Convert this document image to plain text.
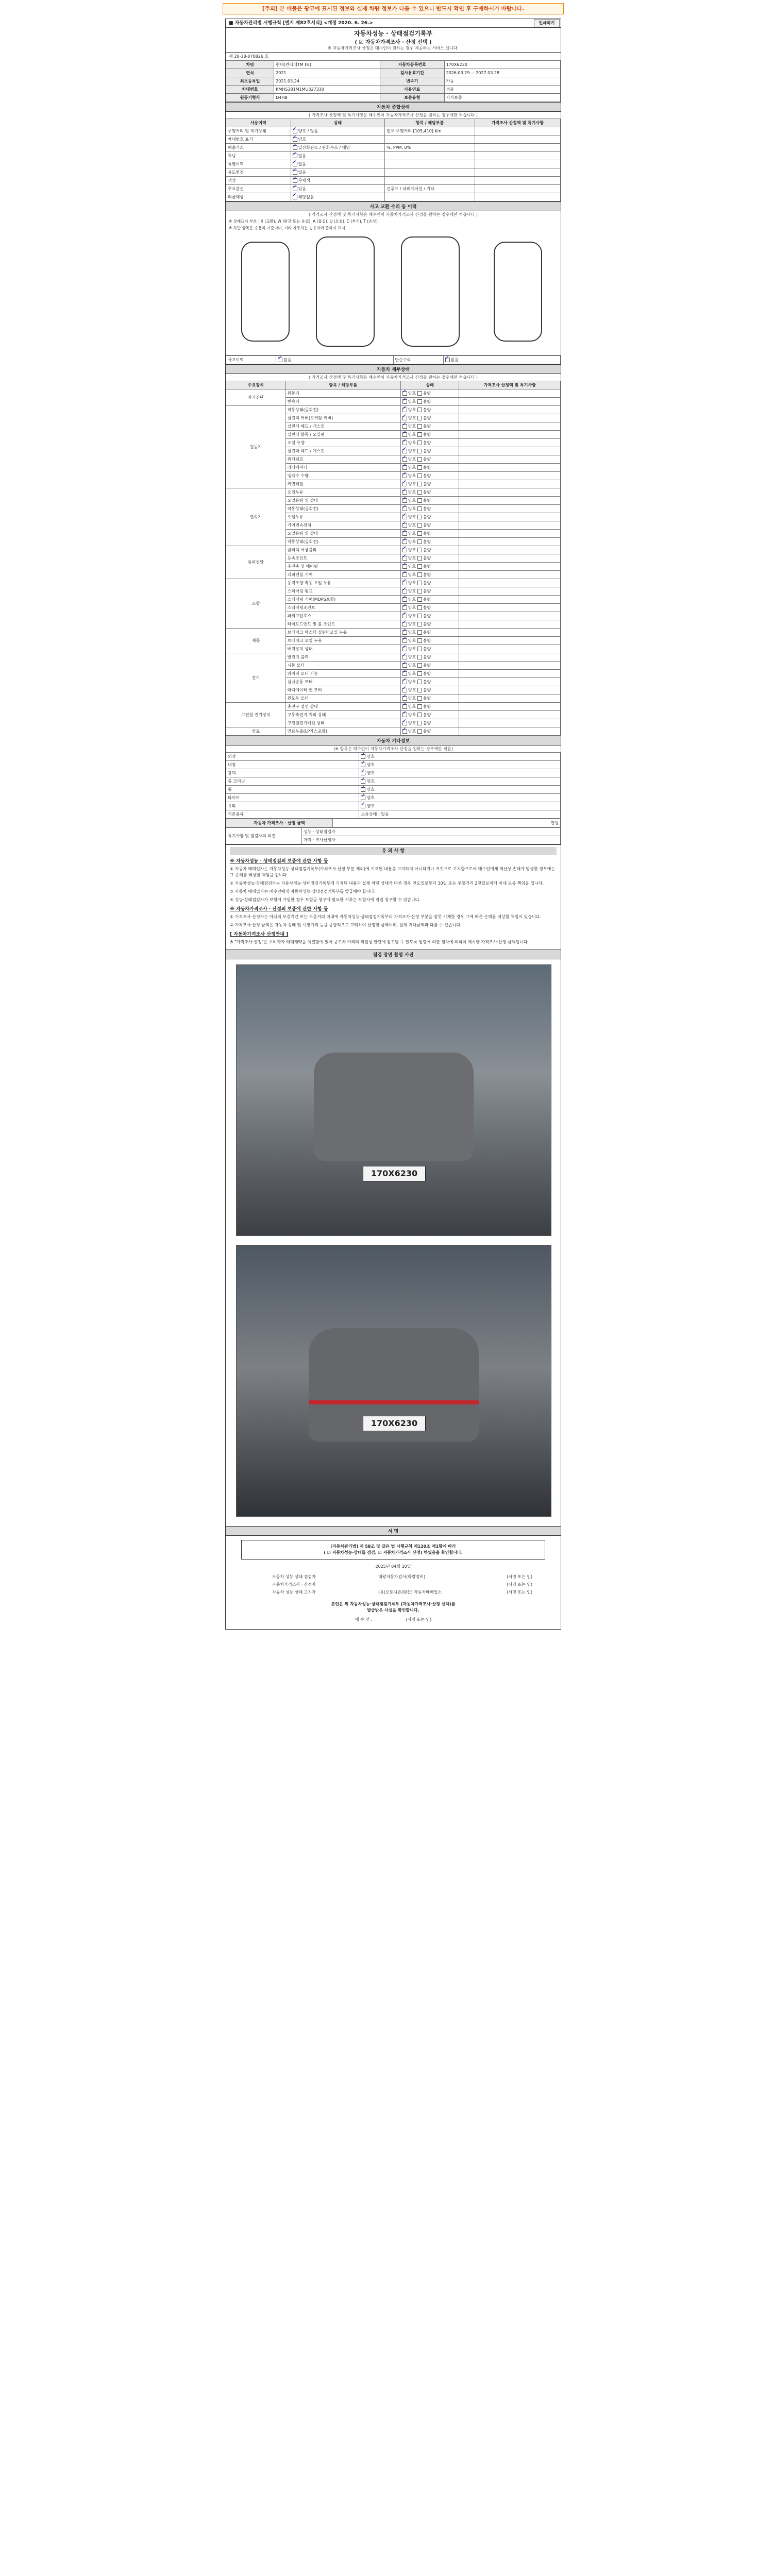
[주의] 본 매물은 광고에 표시된 정보와 실제 차량 정보가 다를 수 있으니 반드시 확인 후 구매하시기 바랍니다.
■ 자동차관리법 시행규칙 [별지 제82호서식] <개정 2020. 6. 26.>	인쇄하기
자동차성능 · 상태점검기록부
( ☑ 자동차가격조사 · 산정 선택 )
※ 자동차가격조사·산정은 매수인이 원하는 경우 제공하는 서비스 입니다.
제 20-18-070826 호
차명	현대(싼타페TM FE)	자동차등록번호	170X6230
연식	2021	검사유효기간	2026.03.29 ~ 2027.03.28
최초등록일	2021.03.24	변속기	자동
차대번호	KMHS381M1MU327330	사용연료	경유
원동기형식	D4HB	보증유형	자가보증
자동차 종합상태
( 가격조사 산정액 및 특기사항은 매수인이 자동차가격조사 산정을 원하는 경우에만 적습니다 )
사용이력	상태	항목 / 해당부품	가격조사 산정액 및 특기사항
주행거리 및 계기상태	✔양호 / 많음	현재 주행거리 [105,410] Km	
차대번호 표기	✔양호		
배출가스	✔일산화탄소 / 탄화수소 / 매연	%, PPM, 0%	
튜닝	✔없음		
특별이력	✔없음		
용도변경	✔없음		
색상	✔무채색		
주요옵션	✔있음	선루프 / 내비게이션 / 기타	
리콜대상	✔해당없음		
사고 교환 수리 등 이력
( 가격조사 산정액 및 특기사항은 매수인이 자동차가격조사 산정을 원하는 경우에만 적습니다 )
※ 상태표시 부호 : X (교환), W (판금 또는 용접), A (흠집), U (요철), C (부식), T (손상)
※ 하단 항목은 승용차 기준이며, 기타 자동차는 승용차에 준하여 표시
사고이력	✔없음	단순수리	✔없음
자동차 세부상태
( 가격조사 산정액 및 특기사항은 매수인이 자동차가격조사 산정을 원하는 경우에만 적습니다 )
주요장치	항목 / 해당부품	상태	가격조사 산정액 및 특기사항
자기진단	원동기	✔양호 불량	
	변속기	✔양호 불량	
원동기	작동상태(공회전)	✔양호 불량	
	실린더 커버(로커암 커버)	✔양호 불량	
	실린더 헤드 / 개스킷	✔양호 불량	
	실린더 블록 / 오일팬	✔양호 불량	
	오일 유량	✔양호 불량	
	실린더 헤드 / 개스킷	✔양호 불량	
	워터펌프	✔양호 불량	
	라디에이터	✔양호 불량	
	냉각수 수량	✔양호 불량	
	커먼레일	✔양호 불량	
변속기	오일누유	✔양호 불량	
	오일유량 및 상태	✔양호 불량	
	작동상태(공회전)	✔양호 불량	
	오일누유	✔양호 불량	
	기어변속장치	✔양호 불량	
	오일유량 및 상태	✔양호 불량	
	작동상태(공회전)	✔양호 불량	
동력전달	클러치 어셈블리	✔양호 불량	
	등속조인트	✔양호 불량	
	추진축 및 베어링	✔양호 불량	
	디퍼렌셜 기어	✔양호 불량	
조향	동력조향 작동 오일 누유	✔양호 불량	
	스티어링 펌프	✔양호 불량	
	스티어링 기어(MDPS포함)	✔양호 불량	
	스티어링조인트	✔양호 불량	
	파워고압호스	✔양호 불량	
	타이로드엔드 및 볼 조인트	✔양호 불량	
제동	브레이크 마스터 실린더오일 누유	✔양호 불량	
	브레이크 오일 누유	✔양호 불량	
	배력장치 상태	✔양호 불량	
전기	발전기 출력	✔양호 불량	
	시동 모터	✔양호 불량	
	와이퍼 모터 기능	✔양호 불량	
	실내송풍 모터	✔양호 불량	
	라디에이터 팬 모터	✔양호 불량	
	윈도우 모터	✔양호 불량	
고전원 전기장치	충전구 절연 상태	✔양호 불량	
	구동축전지 격리 상태	✔양호 불량	
	고전원전기배선 상태	✔양호 불량	
연료	연료누출(LP가스포함)	✔양호 불량	
자동차 기타정보
(※ 항목은 매수인이 자동차가격조사 산정을 원하는 경우에만 적음)
외장	✔양호
내장	✔양호
광택	✔양호
룸 크리닝	✔양호
휠	✔양호
타이어	✔양호
유리	✔양호
기본품목	보유상태 : 있음
자동차 가격조사 · 산정 금액	만원
특기사항 및 점검자의 의견	성능 · 상태점검자
가격 · 조사산정자
유 의 사 항
※ 자동차성능 · 상태점검의 보증에 관한 사항 등

① 자동차 매매업자는 자동차성능·상태점검기록부(가격조사 산정 부분 제외)에 기재된 내용을 고지하지 아니하거나 거짓으로 고지함으로써 매수인에게 재산상 손해가 발생한 경우에는 그 손해를 배상할 책임을 집니다.

② 자동차성능·상태점검자는 자동차성능·상태점검기록부에 기재된 내용과 실제 차량 상태가 다른 경우 인도일로부터 30일 또는 주행거리 2천킬로미터 이내 보증 책임을 집니다.

③ 자동차 매매업자는 매수인에게 자동차성능·상태점검기록부를 발급해야 합니다.

④ 성능·상태점검자가 보험에 가입한 경우 보험금 청구에 필요한 서류는 보험사에 직접 청구할 수 있습니다.

※ 자동차가격조사 · 산정의 보증에 관한 사항 등

① 가격조사·산정자는 아래의 보증기간 또는 보증거리 이내에 자동차성능·상태점검기록부의 가격조사·산정 부분을 잘못 기재한 경우 그에 따른 손해를 배상할 책임이 있습니다.

② 가격조사·산정 금액은 자동차 상태 및 시장가격 등을 종합적으로 고려하여 산정한 금액이며, 실제 거래금액과 다를 수 있습니다.

[ 자동차가격조사 산정안내 ]

※ "가격조사·산정"은 소비자가 매매계약을 체결함에 있어 중고차 가격의 적절성 판단에 참고할 수 있도록 법령에 의한 절차에 의하여 제시한 가격조사·산정 금액입니다.

점검 장면 촬영 사진
170X6230
170X6230
서 명
[자동차관리법] 제 58조 및 같은 법 시행규칙 제120조 제1항에 따라
( ☑ 자동차성능·상태를 점검, ☑ 자동차가격조사 산정) 하였음을 확인합니다.
2025년 04월 10일
자동차 성능 상태 점검자	대왕자동차검사(화랑정비)	(서명 또는 인)
자동차가격조사 · 산정자		(서명 또는 인)
자동차 성능 상태 고지자	(유)오토시즌(평산) 자동차매매업소	(서명 또는 인)
본인은 위 자동차성능·상태점검기록부 (자동차가격조사·산정 선택)를
발급받은 사실을 확인합니다.
매 수 인 :	(서명 또는 인)
